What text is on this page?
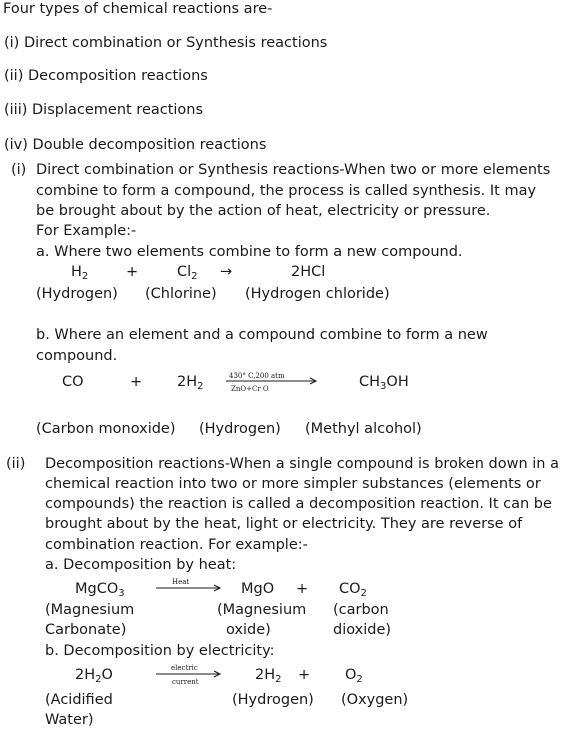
Four types of chemical reactions are-
(i) Direct combination or Synthesis reactions
(ii) Decomposition reactions
(iii) Displacement reactions
(iv) Double decomposition reactions
(i) Direct combination or Synthesis reactions-When two or more elements
combine to form a compound, the process is called synthesis. It may
be brought about by the action of heat, electricity or pressure.
For Example:-
a. Where two elements combine to form a new compound.
$H_2$	+	$Cl_2$ →	2HCl
(Hydrogen) (Chlorine) (Hydrogen chloride)
b. Where an element and a compound combine to form a new
compound.
CO	+ $2H_2$
430° C,200 atm
ZnO+Cr O	$CH_3OH$
(Carbon monoxide) (Hydrogen) (Methyl alcohol)
(ii) Decomposition reactions-When a single compound is broken down in a
chemical reaction into two or more simpler substances (elements or
compounds) the reaction is called a decomposition reaction. It can be
brought about by the heat, light or electricity. They are reverse of
combination reaction. For example:-
a. Decomposition by heat:
MgCO$_3$
Heat	MgO + $CO_2$
(Magnesium
Carbonate)
(Magnesium
oxide)
(carbon
dioxide)
b. Decomposition by electricity:
$2H_2O$	electric
current	$2H_2 + O_2$
(Acidified
Water)
(Hydrogen) (Oxygen)
